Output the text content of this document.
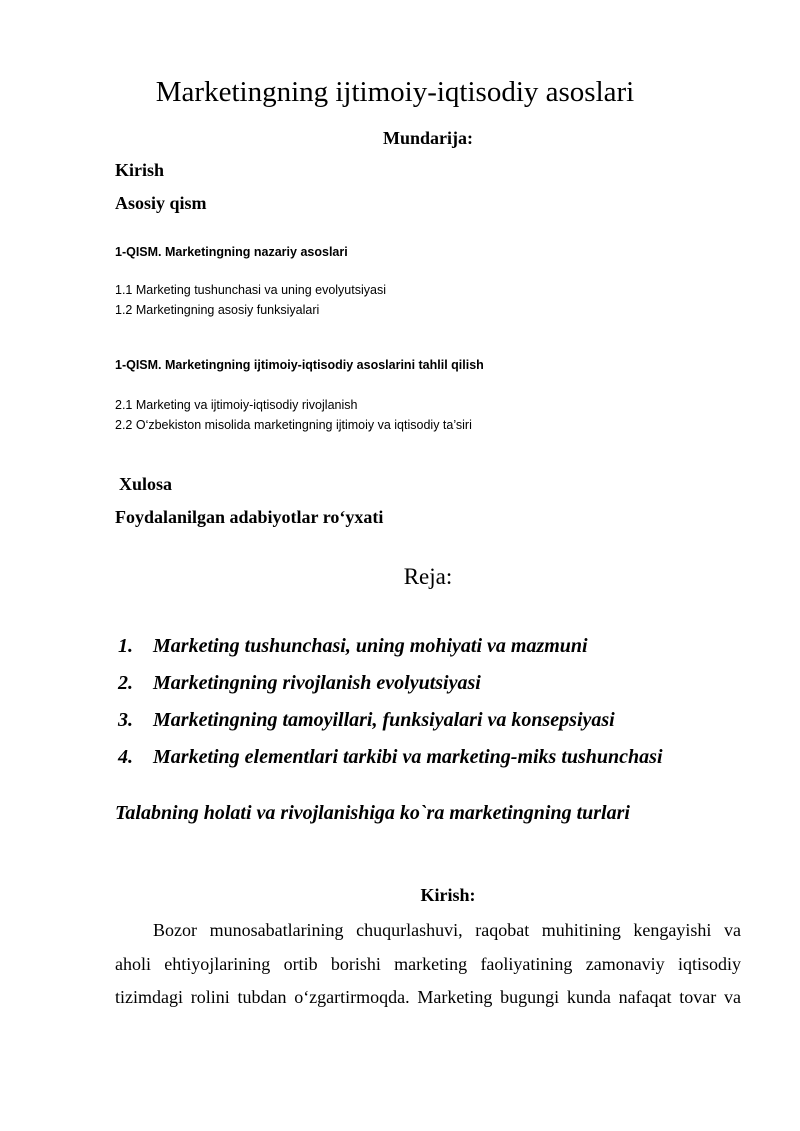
Marketingning ijtimoiy-iqtisodiy asoslari
Mundarija:
Kirish
Asosiy qism
1-QISM. Marketingning nazariy asoslari
1.1 Marketing tushunchasi va uning evolyutsiyasi
1.2 Marketingning asosiy funksiyalari
1-QISM. Marketingning ijtimoiy-iqtisodiy asoslarini tahlil qilish
2.1 Marketing va ijtimoiy-iqtisodiy rivojlanish
2.2 O‘zbekiston misolida marketingning ijtimoiy va iqtisodiy ta’siri
Xulosa
Foydalanilgan adabiyotlar ro‘yxati
Reja:
1.	Marketing tushunchasi, uning mohiyati va mazmuni
2.	Marketingning rivojlanish evolyutsiyasi
3.	Marketingning tamoyillari, funksiyalari va konsepsiyasi
4.	Marketing elementlari tarkibi va marketing-miks tushunchasi
Talabning holati va rivojlanishiga ko`ra marketingning turlari
Kirish:
Bozor munosabatlarining chuqurlashuvi, raqobat muhitining kengayishi va
aholi ehtiyojlarining ortib borishi marketing faoliyatining zamonaviy iqtisodiy
tizimdagi rolini tubdan o‘zgartirmoqda. Marketing bugungi kunda nafaqat tovar va
